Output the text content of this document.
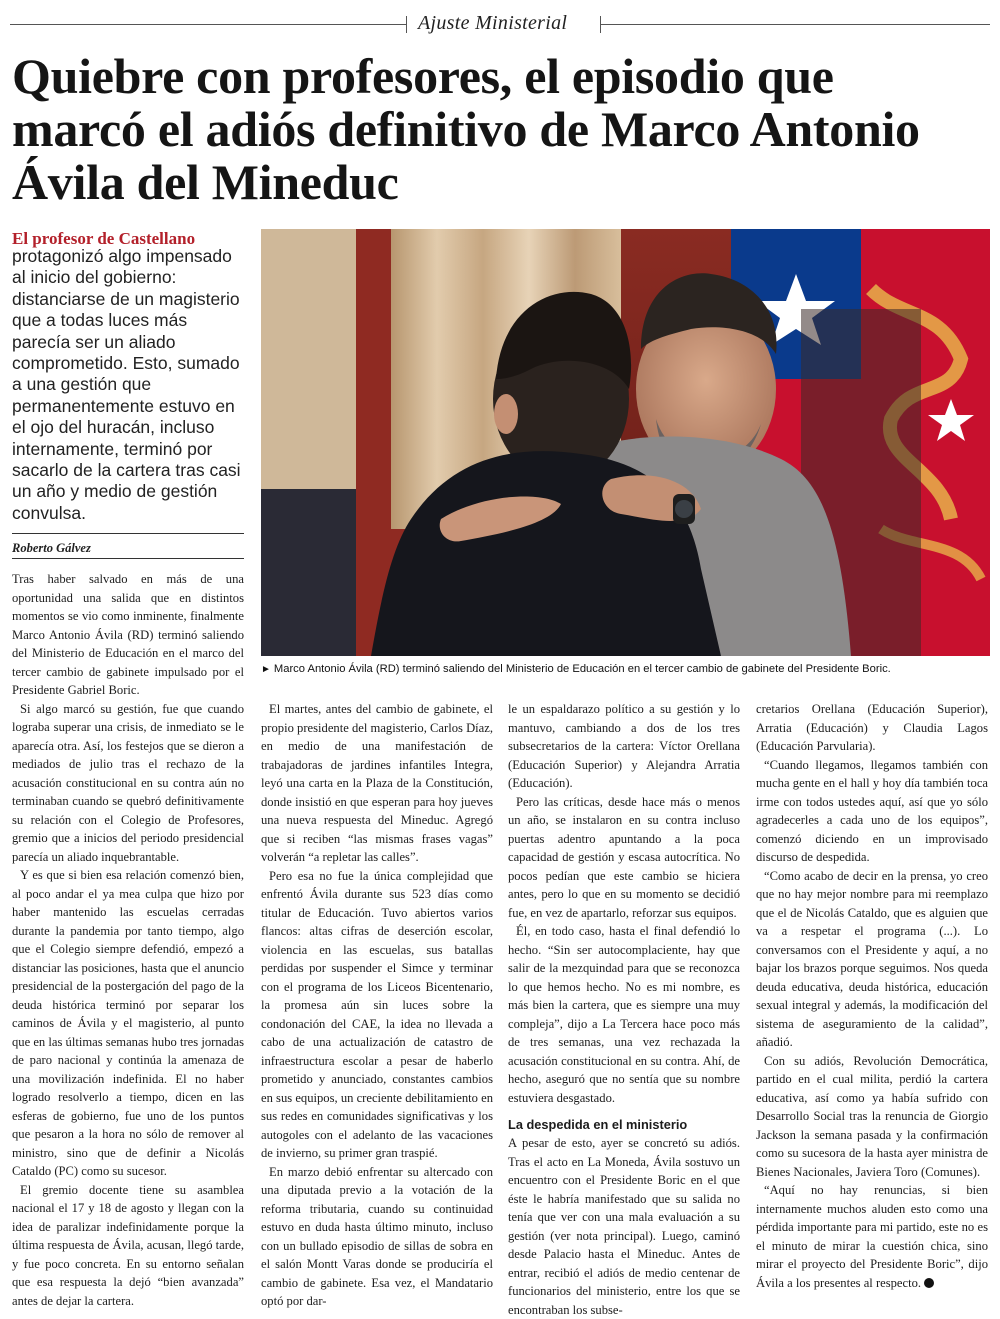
Ajuste Ministerial
Quiebre con profesores, el episodio que marcó el adiós definitivo de Marco Antonio Ávila del Mineduc
El profesor de Castellano
protagonizó algo impensado al inicio del gobierno: distanciarse de un magisterio que a todas luces más parecía ser un aliado comprometido. Esto, sumado a una gestión que permanentemente estuvo en el ojo del huracán, incluso internamente, terminó por sacarlo de la cartera tras casi un año y medio de gestión convulsa.
Roberto Gálvez
► Marco Antonio Ávila (RD) terminó saliendo del Ministerio de Educación en el tercer cambio de gabinete del Presidente Boric.

Tras haber salvado en más de una oportunidad una salida que en distintos momentos se vio como inminente, finalmente Marco Antonio Ávila (RD) terminó saliendo del Ministerio de Educación en el marco del tercer cambio de gabinete impulsado por el Presidente Gabriel Boric.

Si algo marcó su gestión, fue que cuando lograba superar una crisis, de inmediato se le aparecía otra. Así, los festejos que se dieron a mediados de julio tras el rechazo de la acusación constitucional en su contra aún no terminaban cuando se quebró definitivamente su relación con el Colegio de Profesores, gremio que a inicios del periodo presidencial parecía un aliado inquebrantable.

Y es que si bien esa relación comenzó bien, al poco andar el ya mea culpa que hizo por haber mantenido las escuelas cerradas durante la pandemia por tanto tiempo, algo que el Colegio siempre defendió, empezó a distanciar las posiciones, hasta que el anuncio presidencial de la postergación del pago de la deuda histórica terminó por separar los caminos de Ávila y el magisterio, al punto que en las últimas semanas hubo tres jornadas de paro nacional y continúa la amenaza de una movilización indefinida. El no haber logrado resolverlo a tiempo, dicen en las esferas de gobierno, fue uno de los puntos que pesaron a la hora no sólo de remover al ministro, sino que de definir a Nicolás Cataldo (PC) como su sucesor.

El gremio docente tiene su asamblea nacional el 17 y 18 de agosto y llegan con la idea de paralizar indefinidamente porque la última respuesta de Ávila, acusan, llegó tarde, y fue poco concreta. En su entorno señalan que esa respuesta la dejó “bien avanzada” antes de dejar la cartera.

El martes, antes del cambio de gabinete, el propio presidente del magisterio, Carlos Díaz, en medio de una manifestación de trabajadoras de jardines infantiles Integra, leyó una carta en la Plaza de la Constitución, donde insistió en que esperan para hoy jueves una nueva respuesta del Mineduc. Agregó que si reciben “las mismas frases vagas” volverán “a repletar las calles”.

Pero esa no fue la única complejidad que enfrentó Ávila durante sus 523 días como titular de Educación. Tuvo abiertos varios flancos: altas cifras de deserción escolar, violencia en las escuelas, sus batallas perdidas por suspender el Simce y terminar con el programa de los Liceos Bicentenario, la promesa aún sin luces sobre la condonación del CAE, la idea no llevada a cabo de una actualización de catastro de infraestructura escolar a pesar de haberlo prometido y anunciado, constantes cambios en sus equipos, un creciente debilitamiento en sus redes en comunidades significativas y los autogoles con el adelanto de las vacaciones de invierno, su primer gran traspié.

En marzo debió enfrentar su altercado con una diputada previo a la votación de la reforma tributaria, cuando su continuidad estuvo en duda hasta último minuto, incluso con un bullado episodio de sillas de sobra en el salón Montt Varas donde se produciría el cambio de gabinete. Esa vez, el Mandatario optó por dar-

le un espaldarazo político a su gestión y lo mantuvo, cambiando a dos de los tres subsecretarios de la cartera: Víctor Orellana (Educación Superior) y Alejandra Arratia (Educación).

Pero las críticas, desde hace más o menos un año, se instalaron en su contra incluso puertas adentro apuntando a la poca capacidad de gestión y escasa autocrítica. No pocos pedían que este cambio se hiciera antes, pero lo que en su momento se decidió fue, en vez de apartarlo, reforzar sus equipos.

Él, en todo caso, hasta el final defendió lo hecho. “Sin ser autocomplaciente, hay que salir de la mezquindad para que se reconozca lo que hemos hecho. No es mi nombre, es más bien la cartera, que es siempre una muy compleja”, dijo a La Tercera hace poco más de tres semanas, una vez rechazada la acusación constitucional en su contra. Ahí, de hecho, aseguró que no sentía que su nombre estuviera desgastado.

La despedida en el ministerio

A pesar de esto, ayer se concretó su adiós. Tras el acto en La Moneda, Ávila sostuvo un encuentro con el Presidente Boric en el que éste le habría manifestado que su salida no tenía que ver con una mala evaluación a su gestión (ver nota principal). Luego, caminó desde Palacio hasta el Mineduc. Antes de entrar, recibió el adiós de medio centenar de funcionarios del ministerio, entre los que se encontraban los subse-

cretarios Orellana (Educación Superior), Arratia (Educación) y Claudia Lagos (Educación Parvularia).

“Cuando llegamos, llegamos también con mucha gente en el hall y hoy día también toca irme con todos ustedes aquí, así que yo sólo agradecerles a cada uno de los equipos”, comenzó diciendo en un improvisado discurso de despedida.

“Como acabo de decir en la prensa, yo creo que no hay mejor nombre para mi reemplazo que el de Nicolás Cataldo, que es alguien que va a respetar el programa (...). Lo conversamos con el Presidente y aquí, a no bajar los brazos porque seguimos. Nos queda deuda educativa, deuda histórica, educación sexual integral y además, la modificación del sistema de aseguramiento de la calidad”, añadió.

Con su adiós, Revolución Democrática, partido en el cual milita, perdió la cartera educativa, así como ya había sufrido con Desarrollo Social tras la renuncia de Giorgio Jackson la semana pasada y la confirmación como su sucesora de la hasta ayer ministra de Bienes Nacionales, Javiera Toro (Comunes).

“Aquí no hay renuncias, si bien internamente muchos aluden esto como una pérdida importante para mi partido, este no es el minuto de mirar la cuestión chica, sino mirar el proyecto del Presidente Boric”, dijo Ávila a los presentes al respecto.
